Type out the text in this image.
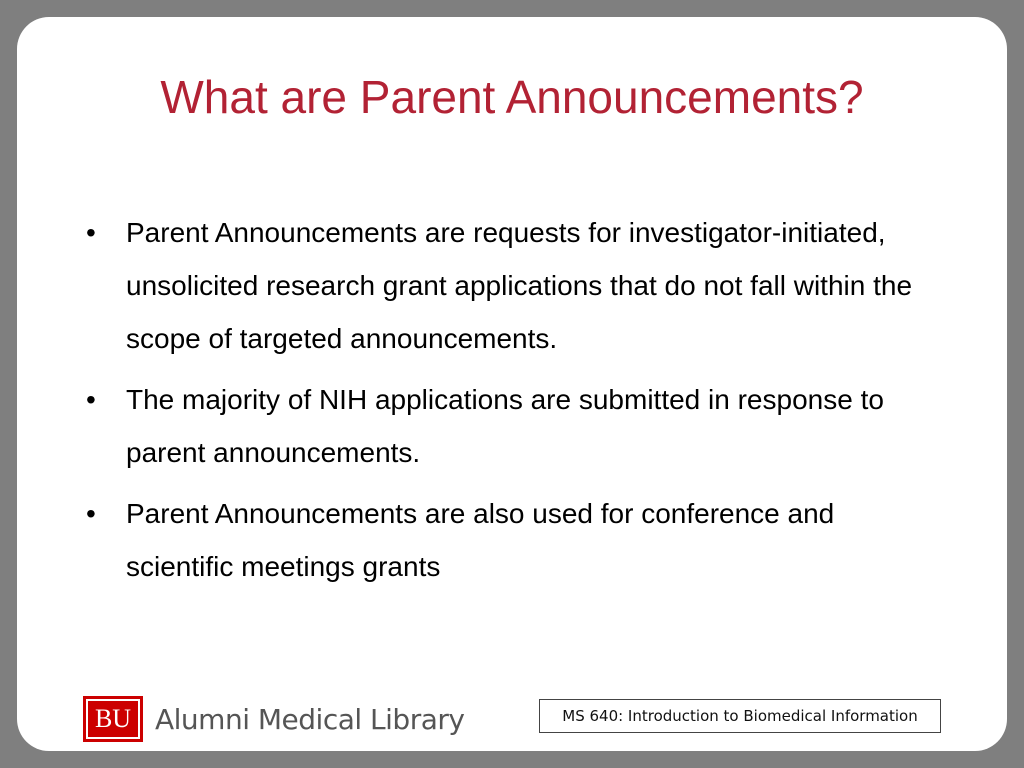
What are Parent Announcements?
• Parent Announcements are requests for investigator-initiated, unsolicited research grant applications that do not fall within the scope of targeted announcements.
• The majority of NIH applications are submitted in response to parent announcements.
• Parent Announcements are also used for conference and scientific meetings grants
BU Alumni Medical Library	MS 640: Introduction to Biomedical Information
